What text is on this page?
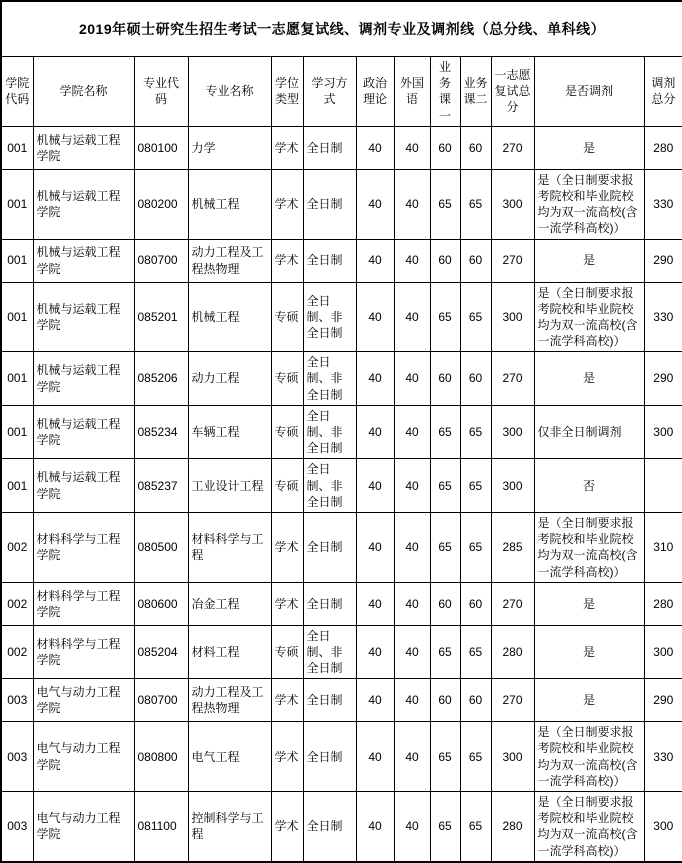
2019年硕士研究生招生考试一志愿复试线、调剂专业及调剂线（总分线、单科线）												
学院代码	学院名称	专业代码	专业名称	学位类型	学习方式	政治理论	外国语	业务课一	业务课二	一志愿复试总分	是否调剂	调剂总分
001	机械与运载工程学院	080100	力学	学术	全日制	40	40	60	60	270	是	280
001	机械与运载工程学院	080200	机械工程	学术	全日制	40	40	65	65	300	是（全日制要求报考院校和毕业院校均为双一流高校(含一流学科高校)）	330
001	机械与运载工程学院	080700	动力工程及工程热物理	学术	全日制	40	40	60	60	270	是	290
001	机械与运载工程学院	085201	机械工程	专硕	全日制、非全日制	40	40	65	65	300	是（全日制要求报考院校和毕业院校均为双一流高校(含一流学科高校)）	330
001	机械与运载工程学院	085206	动力工程	专硕	全日制、非全日制	40	40	60	60	270	是	290
001	机械与运载工程学院	085234	车辆工程	专硕	全日制、非全日制	40	40	65	65	300	仅非全日制调剂	300
001	机械与运载工程学院	085237	工业设计工程	专硕	全日制、非全日制	40	40	65	65	300	否	
002	材料科学与工程学院	080500	材料科学与工程	学术	全日制	40	40	65	65	285	是（全日制要求报考院校和毕业院校均为双一流高校(含一流学科高校)）	310
002	材料科学与工程学院	080600	冶金工程	学术	全日制	40	40	60	60	270	是	280
002	材料科学与工程学院	085204	材料工程	专硕	全日制、非全日制	40	40	65	65	280	是	300
003	电气与动力工程学院	080700	动力工程及工程热物理	学术	全日制	40	40	60	60	270	是	290
003	电气与动力工程学院	080800	电气工程	学术	全日制	40	40	65	65	300	是（全日制要求报考院校和毕业院校均为双一流高校(含一流学科高校)）	330
003	电气与动力工程学院	081100	控制科学与工程	学术	全日制	40	40	65	65	280	是（全日制要求报考院校和毕业院校均为双一流高校(含一流学科高校)）	300
